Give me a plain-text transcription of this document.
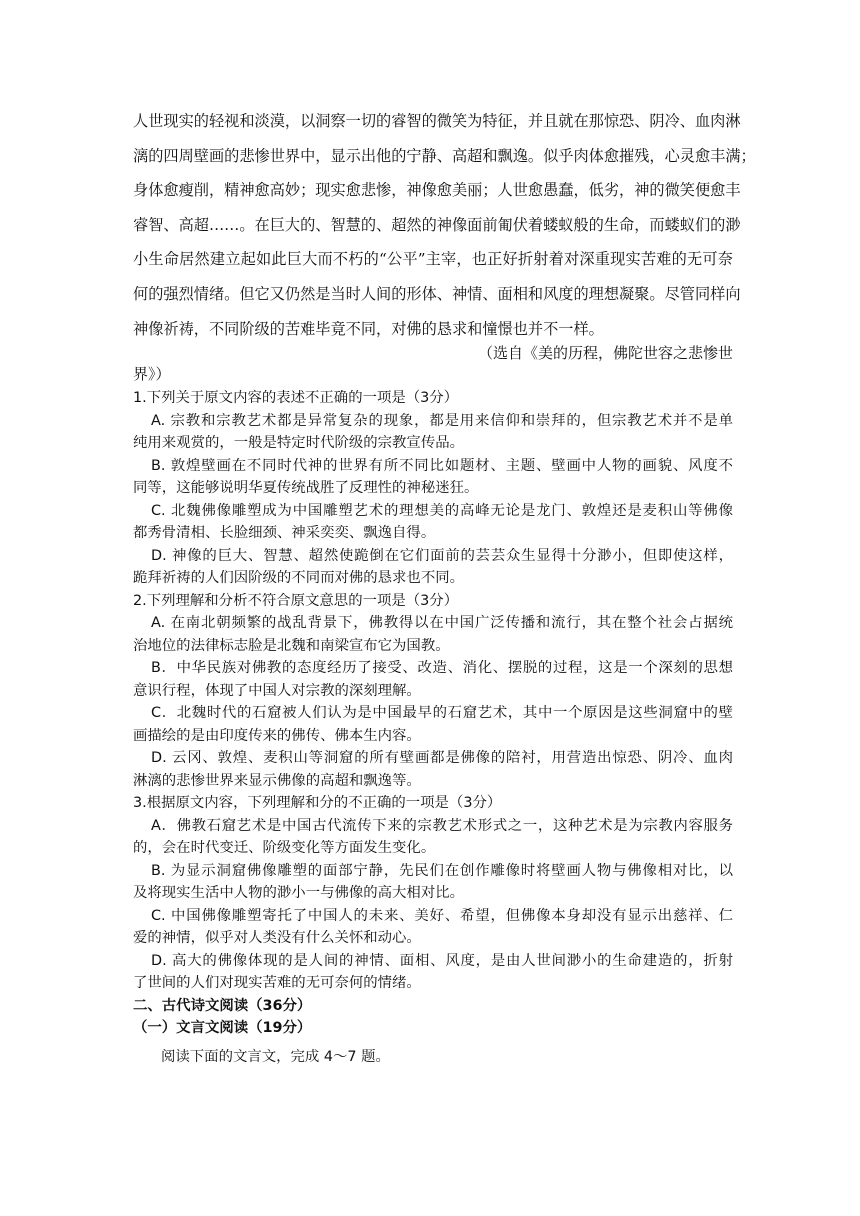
人世现实的轻视和淡漠，以洞察一切的睿智的微笑为特征，并且就在那惊恐、阴冷、血肉淋

漓的四周壁画的悲惨世界中，显示出他的宁静、高超和飘逸。似乎肉体愈摧残，心灵愈丰满；

身体愈瘦削，精神愈高妙；现实愈悲惨，神像愈美丽；人世愈愚蠢，低劣，神的微笑便愈丰

睿智、高超……。在巨大的、智慧的、超然的神像面前匍伏着蝼蚁般的生命，而蝼蚁们的渺

小生命居然建立起如此巨大而不朽的“公平”主宰，也正好折射着对深重现实苦难的无可奈

何的强烈情绪。但它又仍然是当时人间的形体、神情、面相和风度的理想凝聚。尽管同样向

神像祈祷，不同阶级的苦难毕竟不同，对佛的恳求和憧憬也并不一样。

（选自《美的历程，佛陀世容之悲惨世

界》）

1.下列关于原文内容的表述不正确的一项是（3分）

A. 宗教和宗教艺术都是异常复杂的现象，都是用来信仰和崇拜的，但宗教艺术并不是单
纯用来观赏的，一般是特定时代阶级的宗教宣传品。

B. 敦煌壁画在不同时代神的世界有所不同比如题材、主题、壁画中人物的画貌、风度不
同等，这能够说明华夏传统战胜了反理性的神秘迷狂。

C. 北魏佛像雕塑成为中国雕塑艺术的理想美的高峰无论是龙门、敦煌还是麦积山等佛像
都秀骨清相、长脸细颈、神采奕奕、飘逸自得。

D. 神像的巨大、智慧、超然使跪倒在它们面前的芸芸众生显得十分渺小，但即使这样，
跪拜祈祷的人们因阶级的不同而对佛的恳求也不同。

2.下列理解和分析不符合原文意思的一项是（3分）

A. 在南北朝频繁的战乱背景下，佛教得以在中国广泛传播和流行，其在整个社会占据统
治地位的法律标志脸是北魏和南梁宣布它为国教。

B．中华民族对佛教的态度经历了接受、改造、消化、摆脱的过程，这是一个深刻的思想
意识行程，体现了中国人对宗教的深刻理解。

C．北魏时代的石窟被人们认为是中国最早的石窟艺术，其中一个原因是这些洞窟中的壁
画描绘的是由印度传来的佛传、佛本生内容。

D. 云冈、敦煌、麦积山等洞窟的所有壁画都是佛像的陪衬，用营造出惊恐、阴冷、血肉
淋漓的悲惨世界来显示佛像的高超和飘逸等。

3.根据原文内容，下列理解和分的不正确的一项是（3分）

A．佛教石窟艺术是中国古代流传下来的宗教艺术形式之一，这种艺术是为宗教内容服务
的，会在时代变迁、阶级变化等方面发生变化。

B. 为显示洞窟佛像雕塑的面部宁静，先民们在创作雕像时将壁画人物与佛像相对比，以
及将现实生活中人物的渺小一与佛像的高大相对比。

C. 中国佛像雕塑寄托了中国人的未来、美好、希望，但佛像本身却没有显示出慈祥、仁
爱的神情，似乎对人类没有什么关怀和动心。

D. 高大的佛像体现的是人间的神情、面相、风度，是由人世间渺小的生命建造的，折射
了世间的人们对现实苦难的无可奈何的情绪。

二、古代诗文阅读（36分）

（一）文言文阅读（19分）

阅读下面的文言文，完成 4～7 题。
